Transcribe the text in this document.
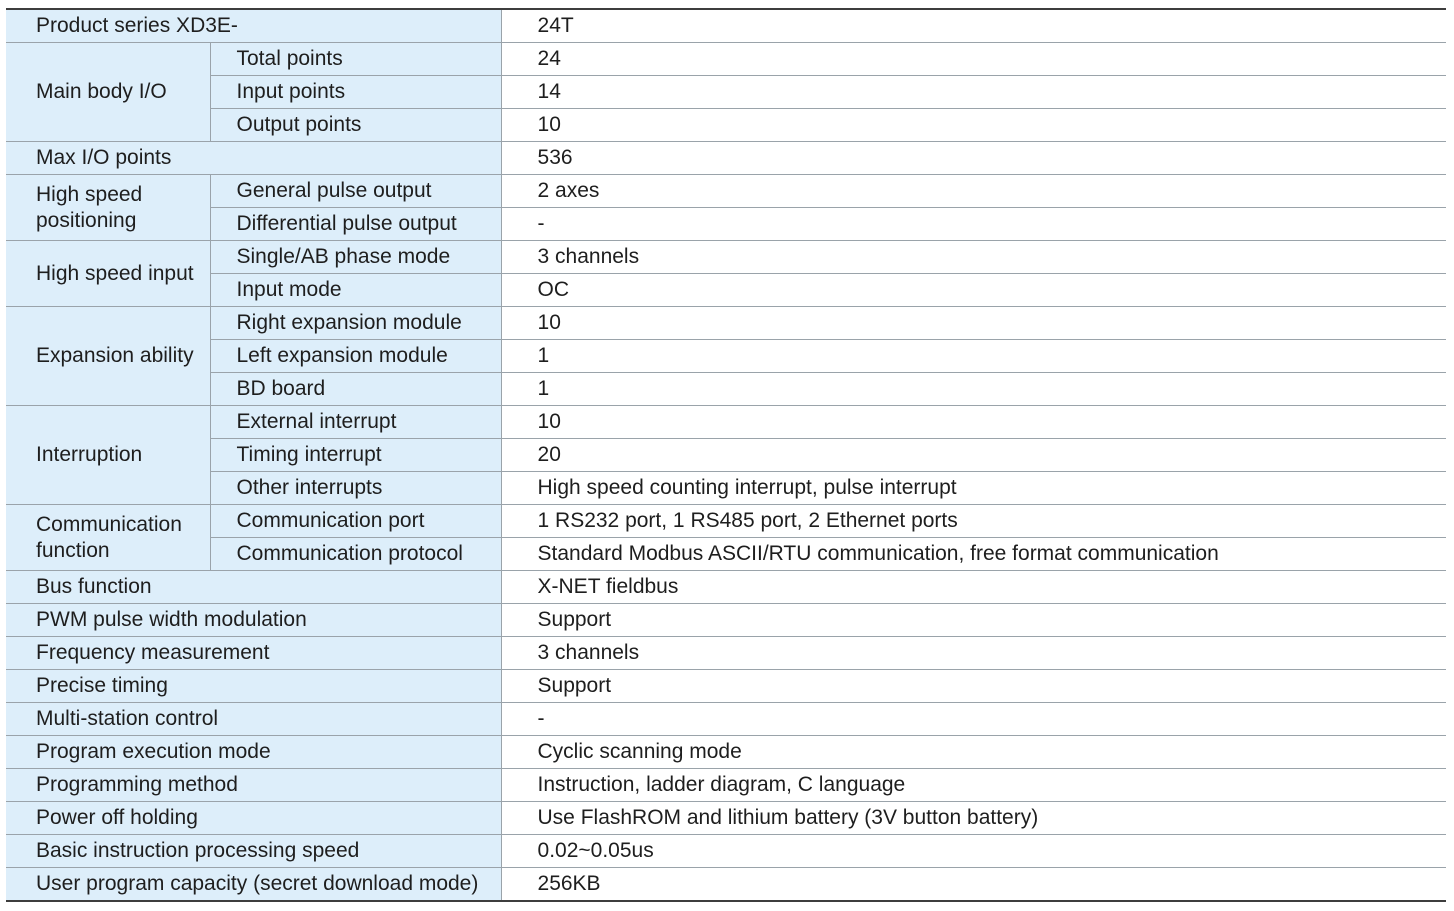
Product series XD3E-		24T
Main body I/O	Total points	24
	Input points	14
	Output points	10
Max I/O points		536
High speed positioning	General pulse output	2 axes
	Differential pulse output	-
High speed input	Single/AB phase mode	3 channels
	Input mode	OC
Expansion ability	Right expansion module	10
	Left expansion module	1
	BD board	1
Interruption	External interrupt	10
	Timing interrupt	20
	Other interrupts	High speed counting interrupt, pulse interrupt
Communication function	Communication port	1 RS232 port, 1 RS485 port, 2 Ethernet ports
	Communication protocol	Standard Modbus ASCII/RTU communication, free format communication
Bus function		X-NET fieldbus
PWM pulse width modulation		Support
Frequency measurement		3 channels
Precise timing		Support
Multi-station control		-
Program execution mode		Cyclic scanning mode
Programming method		Instruction, ladder diagram, C language
Power off holding		Use FlashROM and lithium battery (3V button battery)
Basic instruction processing speed		0.02~0.05us
User program capacity (secret download mode)		256KB
